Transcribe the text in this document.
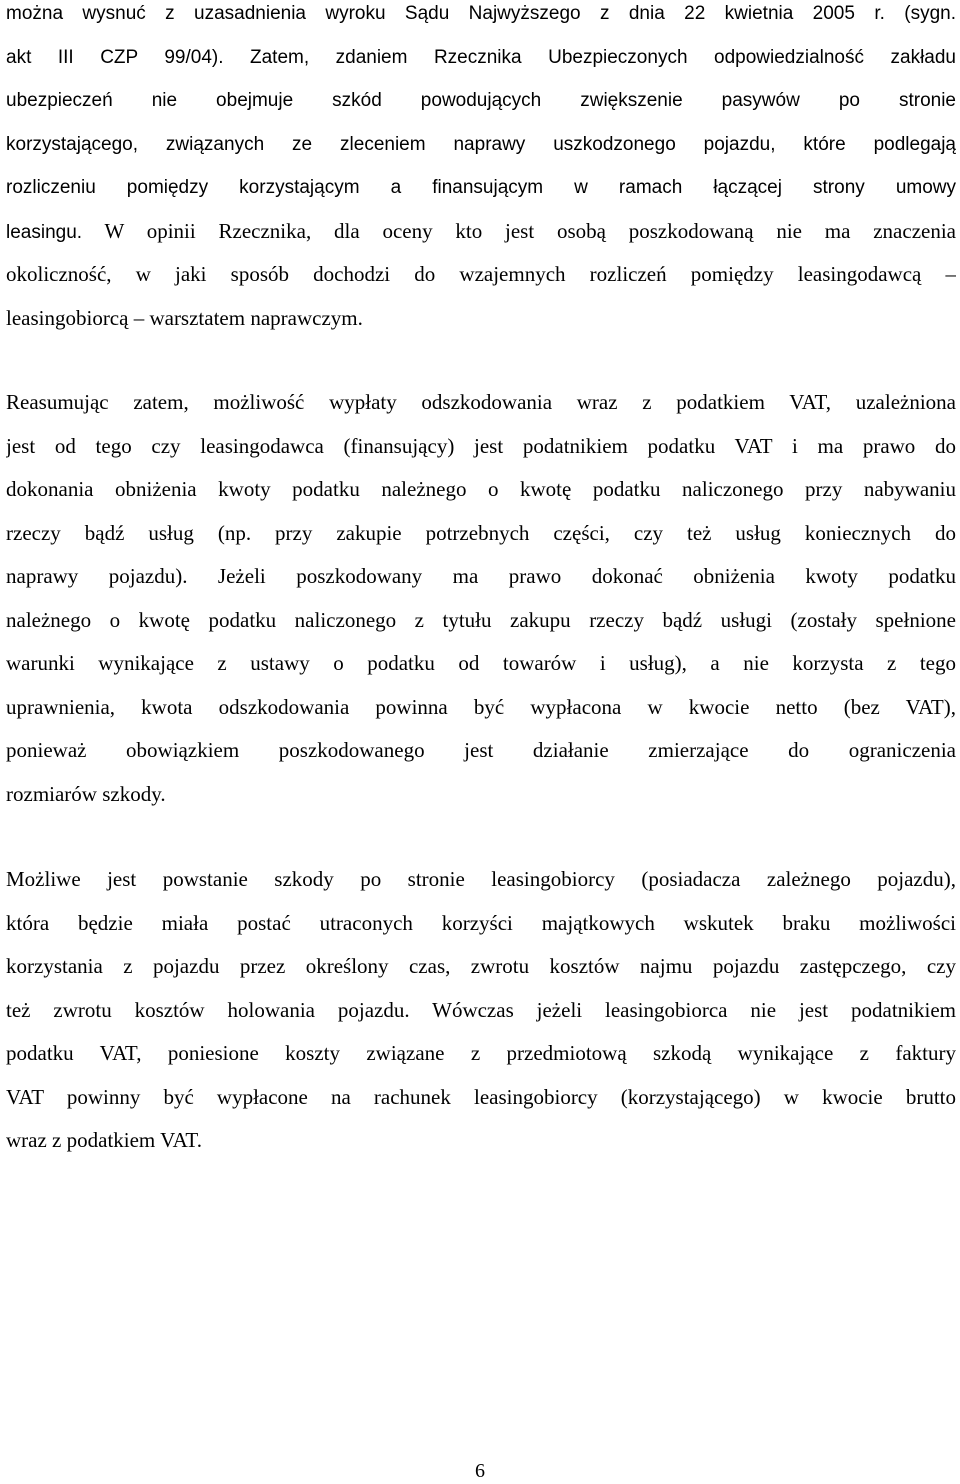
można wysnuć z uzasadnienia wyroku Sądu Najwyższego z dnia 22 kwietnia 2005 r. (sygn.
akt III CZP 99/04). Zatem, zdaniem Rzecznika Ubezpieczonych odpowiedzialność zakładu
ubezpieczeń nie obejmuje szkód powodujących zwiększenie pasywów po stronie
korzystającego, związanych ze zleceniem naprawy uszkodzonego pojazdu, które podlegają
rozliczeniu pomiędzy korzystającym a finansującym w ramach łączącej strony umowy
leasingu. W opinii Rzecznika, dla oceny kto jest osobą poszkodowaną nie ma znaczenia
okoliczność, w jaki sposób dochodzi do wzajemnych rozliczeń pomiędzy leasingodawcą –
leasingobiorcą – warsztatem naprawczym.
Reasumując zatem, możliwość wypłaty odszkodowania wraz z podatkiem VAT, uzależniona
jest od tego czy leasingodawca (finansujący) jest podatnikiem podatku VAT i ma prawo do
dokonania obniżenia kwoty podatku należnego o kwotę podatku naliczonego przy nabywaniu
rzeczy bądź usług (np. przy zakupie potrzebnych części, czy też usług koniecznych do
naprawy pojazdu). Jeżeli poszkodowany ma prawo dokonać obniżenia kwoty podatku
należnego o kwotę podatku naliczonego z tytułu zakupu rzeczy bądź usługi (zostały spełnione
warunki wynikające z ustawy o podatku od towarów i usług), a nie korzysta z tego
uprawnienia, kwota odszkodowania powinna być wypłacona w kwocie netto (bez VAT),
ponieważ obowiązkiem poszkodowanego jest działanie zmierzające do ograniczenia
rozmiarów szkody.
Możliwe jest powstanie szkody po stronie leasingobiorcy (posiadacza zależnego pojazdu),
która będzie miała postać utraconych korzyści majątkowych wskutek braku możliwości
korzystania z pojazdu przez określony czas, zwrotu kosztów najmu pojazdu zastępczego, czy
też zwrotu kosztów holowania pojazdu. Wówczas jeżeli leasingobiorca nie jest podatnikiem
podatku VAT, poniesione koszty związane z przedmiotową szkodą wynikające z faktury
VAT powinny być wypłacone na rachunek leasingobiorcy (korzystającego) w kwocie brutto
wraz z podatkiem VAT.
6
